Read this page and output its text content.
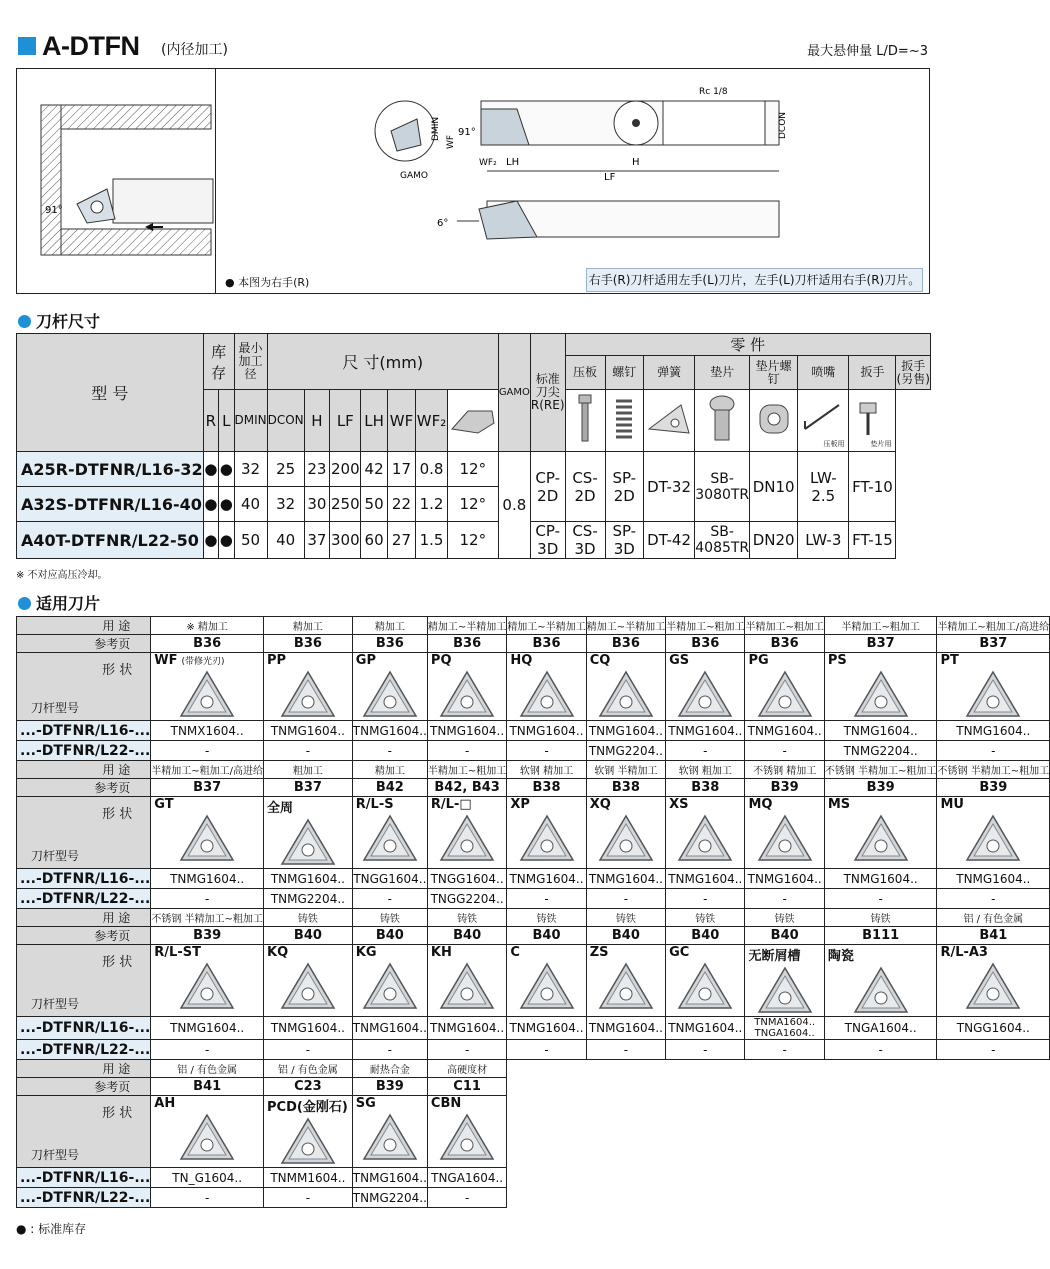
A-DTFN (内径加工)	最大悬伸量 L/D=~3
91°
91°
6°
DMIN
WF
WF₂ LH
LF
GAMO
H
Rc 1/8
DCON
● 本图为右手(R)	右手(R)刀杆适用左手(L)刀片，左手(L)刀杆适用右手(R)刀片。
刀杆尺寸
型 号	库存		最小加工径	尺 寸(mm)							GAMO	标准刀尖R(RE)	零 件							
													压板	螺钉	弹簧	垫片	垫片螺钉	喷嘴	扳手	扳手(另售)
	R	L	DMIN	DCON	H	LF	LH	WF	WF₂									压板用	垫片用	

A25R-DTFNR/L16-32	●	●	32	25	23	200	42	17	0.8	12°	0.8	CP-2D	CS-2D	SP-2D	DT-32	SB-3080TR	DN10	LW-2.5	FT-10	
A32S-DTFNR/L16-40	●	●	40	32	30	250	50	22	1.2	12°										
A40T-DTFNR/L22-50	●	●	50	40	37	300	60	27	1.5	12°		CP-3D	CS-3D	SP-3D	DT-42	SB-4085TR	DN20	LW-3	FT-15	
※ 不对应高压冷却。
适用刀片
用 途	※ 精加工	精加工	精加工	精加工~半精加工	精加工~半精加工	精加工~半精加工	半精加工~粗加工	半精加工~粗加工	半精加工~粗加工	半精加工~粗加工/高进给
参考页	B36	B36	B36	B36	B36	B36	B36	B36	B37	B37

形 状
刀杆型号	WF (带修光刃)	PP	GP	PQ	HQ	CQ	GS	PG	PS	PT

...-DTFNR/L16-...	TNMX1604..	TNMG1604..	TNMG1604..	TNMG1604..	TNMG1604..	TNMG1604..	TNMG1604..	TNMG1604..	TNMG1604..	TNMG1604..
...-DTFNR/L22-...	-	-	-	-	-	TNMG2204..	-	-	TNMG2204..	-
用 途	半精加工~粗加工/高进给	粗加工	精加工	半精加工~粗加工	软钢 精加工	软钢 半精加工	软钢 粗加工	不锈钢 精加工	不锈钢 半精加工~粗加工	不锈钢 半精加工~粗加工
参考页	B37	B37	B42	B42, B43	B38	B38	B38	B39	B39	B39

形 状
刀杆型号	GT	全周	R/L-S	R/L-□	XP	XQ	XS	MQ	MS	MU

...-DTFNR/L16-...	TNMG1604..	TNMG1604..	TNGG1604..	TNGG1604..	TNMG1604..	TNMG1604..	TNMG1604..	TNMG1604..	TNMG1604..	TNMG1604..
...-DTFNR/L22-...	-	TNMG2204..	-	TNGG2204..	-	-	-	-	-	-
用 途	不锈钢 半精加工~粗加工	铸铁	铸铁	铸铁	铸铁	铸铁	铸铁	铸铁	铸铁	铝 / 有色金属
参考页	B39	B40	B40	B40	B40	B40	B40	B40	B111	B41

形 状
刀杆型号	R/L-ST	KQ	KG	KH	C	ZS	GC	无断屑槽	陶瓷	R/L-A3

...-DTFNR/L16-...	TNMG1604..	TNMG1604..	TNMG1604..	TNMG1604..	TNMG1604..	TNMG1604..	TNMG1604..	TNMA1604.. TNGA1604..	TNGA1604..	TNGG1604..
...-DTFNR/L22-...	-	-	-	-	-	-	-	-	-	-
用 途	铝 / 有色金属	铝 / 有色金属	耐热合金	高硬度材						
参考页	B41	C23	B39	C11						

形 状
刀杆型号	AH	PCD(金刚石)	SG	CBN

...-DTFNR/L16-...	TN_G1604..	TNMM1604..	TNMG1604..	TNGA1604..						
...-DTFNR/L22-...	-	-	TNMG2204..	-						
● : 标准库存
